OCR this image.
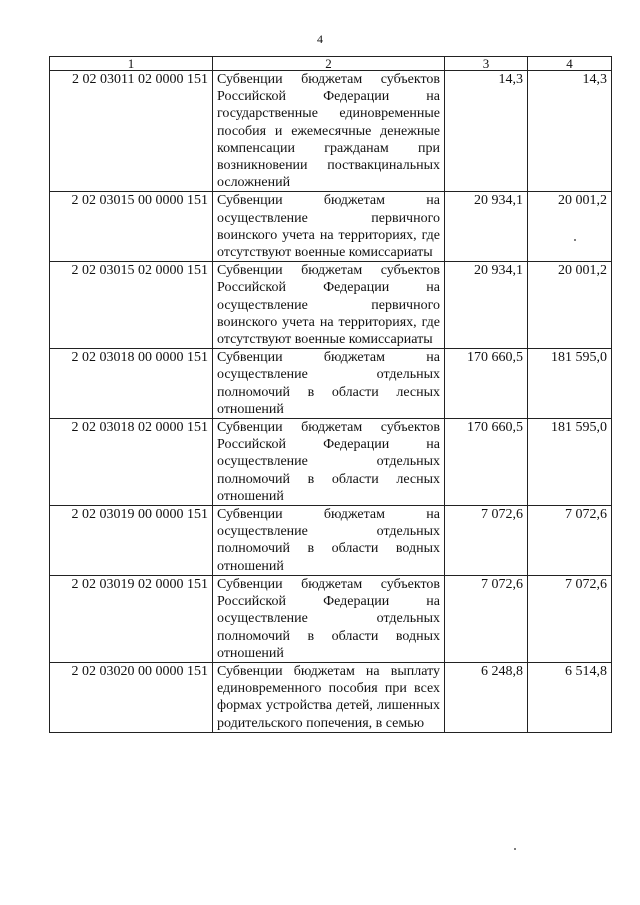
4
1	2	3	4
2 02 03011 02 0000 151	Субвенции бюджетам субъектов Российской Федерации на государственные единовременные пособия и ежемесячные денежные компенсации гражданам при возникновении поствакцинальных осложнений	14,3	14,3
2 02 03015 00 0000 151	Субвенции бюджетам на осуществление первичного воинского учета на территориях, где отсутствуют военные комиссариаты	20 934,1	20 001,2
2 02 03015 02 0000 151	Субвенции бюджетам субъектов Российской Федерации на осуществление первичного воинского учета на территориях, где отсутствуют военные комиссариаты	20 934,1	20 001,2
2 02 03018 00 0000 151	Субвенции бюджетам на осуществление отдельных полномочий в области лесных отношений	170 660,5	181 595,0
2 02 03018 02 0000 151	Субвенции бюджетам субъектов Российской Федерации на осуществление отдельных полномочий в области лесных отношений	170 660,5	181 595,0
2 02 03019 00 0000 151	Субвенции бюджетам на осуществление отдельных полномочий в области водных отношений	7 072,6	7 072,6
2 02 03019 02 0000 151	Субвенции бюджетам субъектов Российской Федерации на осуществление отдельных полномочий в области водных отношений	7 072,6	7 072,6
2 02 03020 00 0000 151	Субвенции бюджетам на выплату единовременного пособия при всех формах устройства детей, лишенных родительского попечения, в семью	6 248,8	6 514,8
